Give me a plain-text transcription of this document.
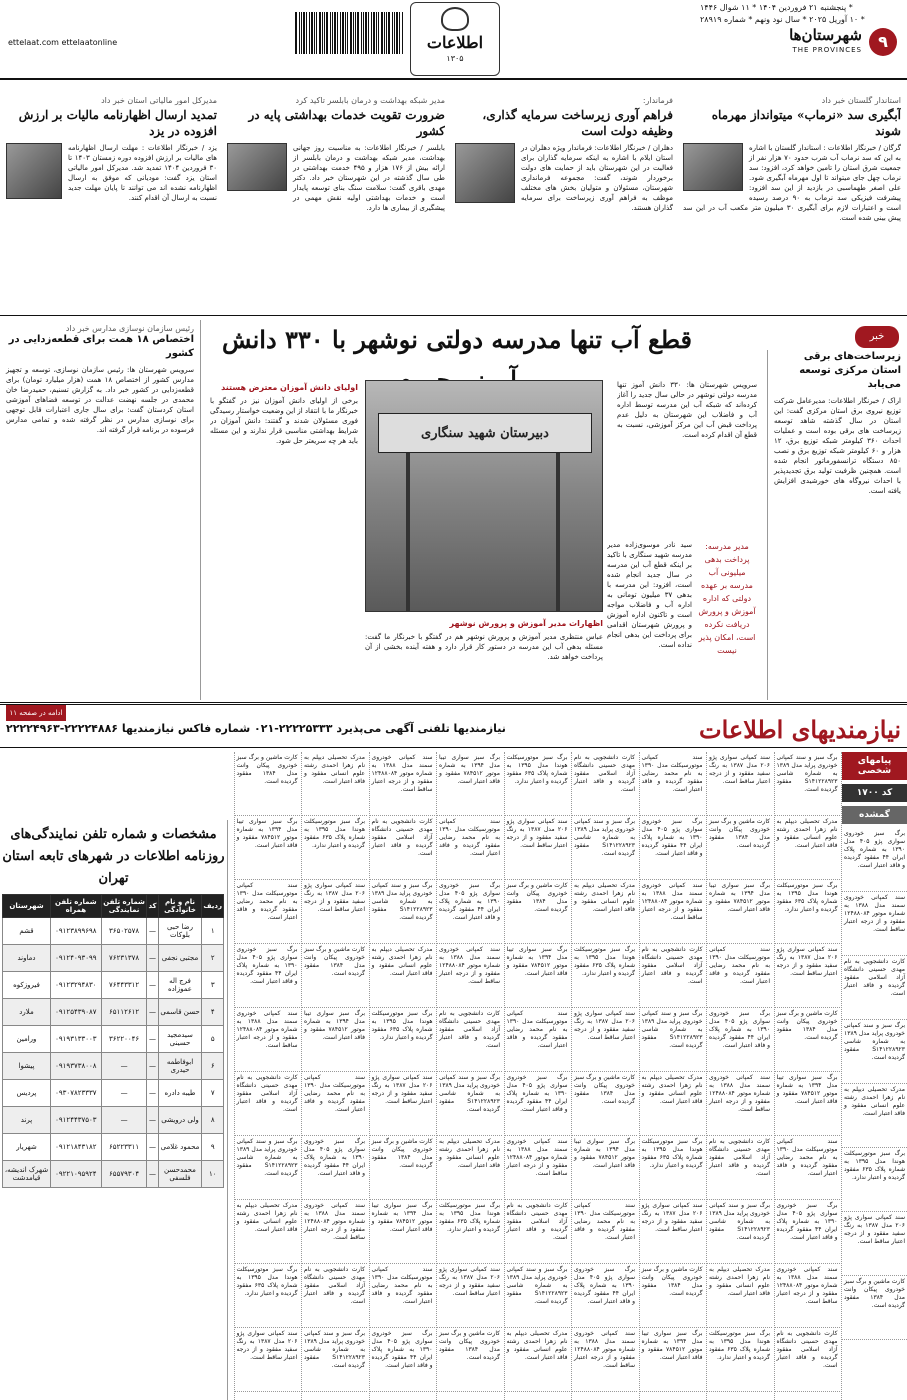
۹
شهرستان‌ها
THE PROVINCES
اطلاعات
۱۳۰۵
* پنجشنبه ۲۱ فروردین ۱۴۰۴ * ۱۱ شوال ۱۴۴۶
* ۱۰ آوریل ۲۰۲۵ * سال نود ونهم * شماره ۲۸۹۱۹
ettelaat.com ettelaatonline
استاندار گلستان خبر داد
آبگیری سد «نرماب» میتوانداز مهرماه شوند
گرگان / خبرنگار اطلاعات : استاندار گلستان با اشاره به این که سد نرماب آب شرب حدود ۷۰ هزار نفر از جمعیت شرق استان را تامین خواهد کرد، افزود: سد نرماب چهل جای میتواند تا اول مهرماه آبگیری شود. علی اصغر طهماسبی در بازدید از این سد افزود: پیشرفت فیزیکی سد نرماب به ۹۰ درصد رسیده است و اعتبارات لازم برای آبگیری ۳۰ میلیون متر مکعب آب در این سد پیش بینی شده است.
فرماندار:
فراهم آوری زیرساخت سرمایه گذاری، وظیفه دولت است
دهلران / خبرنگار اطلاعات: فرماندار ویژه دهلران در استان ایلام با اشاره به اینکه سرمایه گذاران برای فعالیت در این شهرستان باید از حمایت های دولت برخوردار شوند، گفت: مجموعه فرمانداری شهرستان، مسئولان و متولیان بخش های مختلف موظف به فراهم آوری زیرساخت برای سرمایه گذاران هستند.
مدیر شبکه بهداشت و درمان بابلسر تاکید کرد
ضرورت تقویت خدمات بهداشتی پایه در کشور
بابلسر / خبرنگار اطلاعات: به مناسبت روز جهانی بهداشت، مدیر شبکه بهداشت و درمان بابلسر از ارائه بیش از ۱۷۶ هزار و ۴۹۵ خدمت بهداشتی در طی سال گذشته در این شهرستان خبر داد. دکتر مهدی باقری گفت: سلامت سنگ بنای توسعه پایدار است و خدمات بهداشتی اولیه نقش مهمی در پیشگیری از بیماری ها دارد.
مدیرکل امور مالیاتی استان خبر داد
تمدید ارسال اظهارنامه مالیات بر ارزش افزوده در یزد
یزد / خبرنگار اطلاعات : مهلت ارسال اظهارنامه های مالیات بر ارزش افزوده دوره زمستان ۱۴۰۳ تا ۳۰ فروردین ۱۴۰۴ تمدید شد. مدیرکل امور مالیاتی استان یزد گفت: مودیانی که موفق به ارسال اظهارنامه نشده اند می توانند تا پایان مهلت جدید نسبت به ارسال آن اقدام کنند.
زیرساخت‌های برقی استان مرکزی توسعه می‌یابد
اراک / خبرنگار اطلاعات: مدیرعامل شرکت توزیع نیروی برق استان مرکزی گفت: این استان در سال گذشته شاهد توسعه زیرساخت های برقی بوده است و عملیات احداث ۳۶۰ کیلومتر شبکه توزیع برق، ۱۲ هزار و ۶۰ کیلومتر شبکه توزیع برق و نصب ۸۵۰ دستگاه ترانسفورماتور انجام شده است. همچنین ظرفیت تولید برق تجدیدپذیر با احداث نیروگاه های خورشیدی افزایش یافته است.
خبر
قطع آب تنها مدرسه دولتی نوشهر با ۳۳۰ دانش
دبیرستان شهید سنگاری
سرویس شهرستان ها: ۳۳۰ دانش آموز تنها مدرسه دولتی نوشهر در حالی سال جدید را آغاز کرده‌اند که شبکه آب این مدرسه توسط اداره آب و فاضلاب این شهرستان به دلیل عدم پرداخت قبض آب این مرکز آموزشی، نسبت به قطع آن اقدام کرده است.
مدیر مدرسه: پرداخت بدهی میلیونی آب مدرسه بر عهده دولتی که اداره آموزش و پرورش دریافت نکرده است، امکان پذیر نیست
سید نادر موسوی‌زاده مدیر مدرسه شهید سنگاری با تاکید بر اینکه قطع آب این مدرسه در سال جدید انجام شده است، افزود: این مدرسه با بدهی ۳۷ میلیون تومانی به اداره آب و فاضلاب مواجه است و تاکنون اداره آموزش و پرورش شهرستان اقدامی برای پرداخت این بدهی انجام نداده است.
اظهارات مدیر آموزش و پرورش نوشهر
عباس منتظری مدیر آموزش و پرورش نوشهر هم در گفتگو با خبرنگار ما گفت: مسئله بدهی آب این مدرسه در دستور کار قرار دارد و هفته آینده بخشی از آن پرداخت خواهد شد.
اولیای دانش آموزان معترض هستند
برخی از اولیای دانش آموزان نیز در گفتگو با خبرنگار ما با انتقاد از این وضعیت خواستار رسیدگی فوری مسئولان شدند و گفتند: دانش آموزان در شرایط بهداشتی مناسبی قرار ندارند و این مسئله باید هر چه سریعتر حل شود.
رئیس سازمان نوسازی مدارس خبر داد
اختصاص ۱۸ همت برای قطعه‌زدایی در کشور
سرویس شهرستان ها: رئیس سازمان نوسازی، توسعه و تجهیز مدارس کشور از اختصاص ۱۸ همت (هزار میلیارد تومان) برای قطعه‌زدایی در کشور خبر داد. به گزارش تسنیم، حمیدرضا خان محمدی در جلسه نهضت عدالت در توسعه فضاهای آموزشی استان کردستان گفت: برای سال جاری اعتبارات قابل توجهی برای نوسازی مدارس در نظر گرفته شده و تمامی مدارس فرسوده در برنامه قرار گرفته اند.
نیازمندیهای اطلاعات
نیازمندیها تلفنی آگهی می‌پذیرد ۲۲۲۲۵۳۳۳-۰۲۱ شماره فاکس نیازمندیها ۲۲۲۲۴۸۸۶-۲۲۲۲۴۹۶۳
پیامهای شخصی
کد ۱۷۰۰
گمشده
برگ سبز خودروی سواری پژو ۴۰۵ مدل ۱۳۹۰ به شماره پلاک ایران ۴۴ مفقود گردیده و فاقد اعتبار است.
سند کمپانی خودروی سمند مدل ۱۳۸۸ به شماره موتور ۱۲۴۸۸۰۸۴ مفقود و از درجه اعتبار ساقط است.
کارت دانشجویی به نام مهدی حسینی دانشگاه آزاد اسلامی مفقود گردیده و فاقد اعتبار است.
برگ سبز و سند کمپانی خودروی پراید مدل ۱۳۸۹ به شماره شاسی S۱۴۱۲۲۸۹۲۳ مفقود گردیده است.
مدرک تحصیلی دیپلم به نام زهرا احمدی رشته علوم انسانی مفقود و فاقد اعتبار است.
برگ سبز موتورسیکلت هوندا مدل ۱۳۹۵ به شماره پلاک ۶۳۵ مفقود گردیده و اعتبار ندارد.
سند کمپانی سواری پژو ۲۰۶ مدل ۱۳۸۷ به رنگ سفید مفقود و از درجه اعتبار ساقط است.
کارت ماشین و برگ سبز خودروی پیکان وانت مدل ۱۳۸۴ مفقود گردیده است.
برگ سبز و سند کمپانی خودروی پراید مدل ۱۳۸۹ به شماره شاسی S۱۴۱۲۲۸۹۲۳ مفقود گردیده است.
مدرک تحصیلی دیپلم به نام زهرا احمدی رشته علوم انسانی مفقود و فاقد اعتبار است.
برگ سبز موتورسیکلت هوندا مدل ۱۳۹۵ به شماره پلاک ۶۳۵ مفقود گردیده و اعتبار ندارد.
سند کمپانی سواری پژو ۲۰۶ مدل ۱۳۸۷ به رنگ سفید مفقود و از درجه اعتبار ساقط است.
کارت ماشین و برگ سبز خودروی پیکان وانت مدل ۱۳۸۴ مفقود گردیده است.
برگ سبز سواری تیبا مدل ۱۳۹۴ به شماره موتور ۷۸۴۵۱۲ مفقود و فاقد اعتبار است.
سند کمپانی موتورسیکلت مدل ۱۳۹۰ به نام محمد رضایی مفقود گردیده و فاقد اعتبار است.
برگ سبز خودروی سواری پژو ۴۰۵ مدل ۱۳۹۰ به شماره پلاک ایران ۴۴ مفقود گردیده و فاقد اعتبار است.
سند کمپانی خودروی سمند مدل ۱۳۸۸ به شماره موتور ۱۲۴۸۸۰۸۴ مفقود و از درجه اعتبار ساقط است.
کارت دانشجویی به نام مهدی حسینی دانشگاه آزاد اسلامی مفقود گردیده و فاقد اعتبار است.
سند کمپانی سواری پژو ۲۰۶ مدل ۱۳۸۷ به رنگ سفید مفقود و از درجه اعتبار ساقط است.
کارت ماشین و برگ سبز خودروی پیکان وانت مدل ۱۳۸۴ مفقود گردیده است.
برگ سبز سواری تیبا مدل ۱۳۹۴ به شماره موتور ۷۸۴۵۱۲ مفقود و فاقد اعتبار است.
سند کمپانی موتورسیکلت مدل ۱۳۹۰ به نام محمد رضایی مفقود گردیده و فاقد اعتبار است.
برگ سبز خودروی سواری پژو ۴۰۵ مدل ۱۳۹۰ به شماره پلاک ایران ۴۴ مفقود گردیده و فاقد اعتبار است.
سند کمپانی خودروی سمند مدل ۱۳۸۸ به شماره موتور ۱۲۴۸۸۰۸۴ مفقود و از درجه اعتبار ساقط است.
کارت دانشجویی به نام مهدی حسینی دانشگاه آزاد اسلامی مفقود گردیده و فاقد اعتبار است.
برگ سبز و سند کمپانی خودروی پراید مدل ۱۳۸۹ به شماره شاسی S۱۴۱۲۲۸۹۲۳ مفقود گردیده است.
مدرک تحصیلی دیپلم به نام زهرا احمدی رشته علوم انسانی مفقود و فاقد اعتبار است.
برگ سبز موتورسیکلت هوندا مدل ۱۳۹۵ به شماره پلاک ۶۳۵ مفقود گردیده و اعتبار ندارد.
سند کمپانی موتورسیکلت مدل ۱۳۹۰ به نام محمد رضایی مفقود گردیده و فاقد اعتبار است.
برگ سبز خودروی سواری پژو ۴۰۵ مدل ۱۳۹۰ به شماره پلاک ایران ۴۴ مفقود گردیده و فاقد اعتبار است.
سند کمپانی خودروی سمند مدل ۱۳۸۸ به شماره موتور ۱۲۴۸۸۰۸۴ مفقود و از درجه اعتبار ساقط است.
کارت دانشجویی به نام مهدی حسینی دانشگاه آزاد اسلامی مفقود گردیده و فاقد اعتبار است.
برگ سبز و سند کمپانی خودروی پراید مدل ۱۳۸۹ به شماره شاسی S۱۴۱۲۲۸۹۲۳ مفقود گردیده است.
مدرک تحصیلی دیپلم به نام زهرا احمدی رشته علوم انسانی مفقود و فاقد اعتبار است.
برگ سبز موتورسیکلت هوندا مدل ۱۳۹۵ به شماره پلاک ۶۳۵ مفقود گردیده و اعتبار ندارد.
سند کمپانی سواری پژو ۲۰۶ مدل ۱۳۸۷ به رنگ سفید مفقود و از درجه اعتبار ساقط است.
کارت ماشین و برگ سبز خودروی پیکان وانت مدل ۱۳۸۴ مفقود گردیده است.
برگ سبز سواری تیبا مدل ۱۳۹۴ به شماره موتور ۷۸۴۵۱۲ مفقود و فاقد اعتبار است.
کارت دانشجویی به نام مهدی حسینی دانشگاه آزاد اسلامی مفقود گردیده و فاقد اعتبار است.
برگ سبز و سند کمپانی خودروی پراید مدل ۱۳۸۹ به شماره شاسی S۱۴۱۲۲۸۹۲۳ مفقود گردیده است.
مدرک تحصیلی دیپلم به نام زهرا احمدی رشته علوم انسانی مفقود و فاقد اعتبار است.
برگ سبز موتورسیکلت هوندا مدل ۱۳۹۵ به شماره پلاک ۶۳۵ مفقود گردیده و اعتبار ندارد.
سند کمپانی سواری پژو ۲۰۶ مدل ۱۳۸۷ به رنگ سفید مفقود و از درجه اعتبار ساقط است.
کارت ماشین و برگ سبز خودروی پیکان وانت مدل ۱۳۸۴ مفقود گردیده است.
برگ سبز سواری تیبا مدل ۱۳۹۴ به شماره موتور ۷۸۴۵۱۲ مفقود و فاقد اعتبار است.
سند کمپانی موتورسیکلت مدل ۱۳۹۰ به نام محمد رضایی مفقود گردیده و فاقد اعتبار است.
برگ سبز خودروی سواری پژو ۴۰۵ مدل ۱۳۹۰ به شماره پلاک ایران ۴۴ مفقود گردیده و فاقد اعتبار است.
سند کمپانی خودروی سمند مدل ۱۳۸۸ به شماره موتور ۱۲۴۸۸۰۸۴ مفقود و از درجه اعتبار ساقط است.
برگ سبز موتورسیکلت هوندا مدل ۱۳۹۵ به شماره پلاک ۶۳۵ مفقود گردیده و اعتبار ندارد.
سند کمپانی سواری پژو ۲۰۶ مدل ۱۳۸۷ به رنگ سفید مفقود و از درجه اعتبار ساقط است.
کارت ماشین و برگ سبز خودروی پیکان وانت مدل ۱۳۸۴ مفقود گردیده است.
برگ سبز سواری تیبا مدل ۱۳۹۴ به شماره موتور ۷۸۴۵۱۲ مفقود و فاقد اعتبار است.
سند کمپانی موتورسیکلت مدل ۱۳۹۰ به نام محمد رضایی مفقود گردیده و فاقد اعتبار است.
برگ سبز خودروی سواری پژو ۴۰۵ مدل ۱۳۹۰ به شماره پلاک ایران ۴۴ مفقود گردیده و فاقد اعتبار است.
سند کمپانی خودروی سمند مدل ۱۳۸۸ به شماره موتور ۱۲۴۸۸۰۸۴ مفقود و از درجه اعتبار ساقط است.
کارت دانشجویی به نام مهدی حسینی دانشگاه آزاد اسلامی مفقود گردیده و فاقد اعتبار است.
برگ سبز و سند کمپانی خودروی پراید مدل ۱۳۸۹ به شماره شاسی S۱۴۱۲۲۸۹۲۳ مفقود گردیده است.
مدرک تحصیلی دیپلم به نام زهرا احمدی رشته علوم انسانی مفقود و فاقد اعتبار است.
برگ سبز سواری تیبا مدل ۱۳۹۴ به شماره موتور ۷۸۴۵۱۲ مفقود و فاقد اعتبار است.
سند کمپانی موتورسیکلت مدل ۱۳۹۰ به نام محمد رضایی مفقود گردیده و فاقد اعتبار است.
برگ سبز خودروی سواری پژو ۴۰۵ مدل ۱۳۹۰ به شماره پلاک ایران ۴۴ مفقود گردیده و فاقد اعتبار است.
سند کمپانی خودروی سمند مدل ۱۳۸۸ به شماره موتور ۱۲۴۸۸۰۸۴ مفقود و از درجه اعتبار ساقط است.
کارت دانشجویی به نام مهدی حسینی دانشگاه آزاد اسلامی مفقود گردیده و فاقد اعتبار است.
برگ سبز و سند کمپانی خودروی پراید مدل ۱۳۸۹ به شماره شاسی S۱۴۱۲۲۸۹۲۳ مفقود گردیده است.
مدرک تحصیلی دیپلم به نام زهرا احمدی رشته علوم انسانی مفقود و فاقد اعتبار است.
برگ سبز موتورسیکلت هوندا مدل ۱۳۹۵ به شماره پلاک ۶۳۵ مفقود گردیده و اعتبار ندارد.
سند کمپانی سواری پژو ۲۰۶ مدل ۱۳۸۷ به رنگ سفید مفقود و از درجه اعتبار ساقط است.
کارت ماشین و برگ سبز خودروی پیکان وانت مدل ۱۳۸۴ مفقود گردیده است.
سند کمپانی خودروی سمند مدل ۱۳۸۸ به شماره موتور ۱۲۴۸۸۰۸۴ مفقود و از درجه اعتبار ساقط است.
کارت دانشجویی به نام مهدی حسینی دانشگاه آزاد اسلامی مفقود گردیده و فاقد اعتبار است.
برگ سبز و سند کمپانی خودروی پراید مدل ۱۳۸۹ به شماره شاسی S۱۴۱۲۲۸۹۲۳ مفقود گردیده است.
مدرک تحصیلی دیپلم به نام زهرا احمدی رشته علوم انسانی مفقود و فاقد اعتبار است.
برگ سبز موتورسیکلت هوندا مدل ۱۳۹۵ به شماره پلاک ۶۳۵ مفقود گردیده و اعتبار ندارد.
سند کمپانی سواری پژو ۲۰۶ مدل ۱۳۸۷ به رنگ سفید مفقود و از درجه اعتبار ساقط است.
کارت ماشین و برگ سبز خودروی پیکان وانت مدل ۱۳۸۴ مفقود گردیده است.
برگ سبز سواری تیبا مدل ۱۳۹۴ به شماره موتور ۷۸۴۵۱۲ مفقود و فاقد اعتبار است.
سند کمپانی موتورسیکلت مدل ۱۳۹۰ به نام محمد رضایی مفقود گردیده و فاقد اعتبار است.
برگ سبز خودروی سواری پژو ۴۰۵ مدل ۱۳۹۰ به شماره پلاک ایران ۴۴ مفقود گردیده و فاقد اعتبار است.
مدرک تحصیلی دیپلم به نام زهرا احمدی رشته علوم انسانی مفقود و فاقد اعتبار است.
برگ سبز موتورسیکلت هوندا مدل ۱۳۹۵ به شماره پلاک ۶۳۵ مفقود گردیده و اعتبار ندارد.
سند کمپانی سواری پژو ۲۰۶ مدل ۱۳۸۷ به رنگ سفید مفقود و از درجه اعتبار ساقط است.
کارت ماشین و برگ سبز خودروی پیکان وانت مدل ۱۳۸۴ مفقود گردیده است.
برگ سبز سواری تیبا مدل ۱۳۹۴ به شماره موتور ۷۸۴۵۱۲ مفقود و فاقد اعتبار است.
سند کمپانی موتورسیکلت مدل ۱۳۹۰ به نام محمد رضایی مفقود گردیده و فاقد اعتبار است.
برگ سبز خودروی سواری پژو ۴۰۵ مدل ۱۳۹۰ به شماره پلاک ایران ۴۴ مفقود گردیده و فاقد اعتبار است.
سند کمپانی خودروی سمند مدل ۱۳۸۸ به شماره موتور ۱۲۴۸۸۰۸۴ مفقود و از درجه اعتبار ساقط است.
کارت دانشجویی به نام مهدی حسینی دانشگاه آزاد اسلامی مفقود گردیده و فاقد اعتبار است.
برگ سبز و سند کمپانی خودروی پراید مدل ۱۳۸۹ به شماره شاسی S۱۴۱۲۲۸۹۲۳ مفقود گردیده است.
کارت ماشین و برگ سبز خودروی پیکان وانت مدل ۱۳۸۴ مفقود گردیده است.
برگ سبز سواری تیبا مدل ۱۳۹۴ به شماره موتور ۷۸۴۵۱۲ مفقود و فاقد اعتبار است.
سند کمپانی موتورسیکلت مدل ۱۳۹۰ به نام محمد رضایی مفقود گردیده و فاقد اعتبار است.
برگ سبز خودروی سواری پژو ۴۰۵ مدل ۱۳۹۰ به شماره پلاک ایران ۴۴ مفقود گردیده و فاقد اعتبار است.
سند کمپانی خودروی سمند مدل ۱۳۸۸ به شماره موتور ۱۲۴۸۸۰۸۴ مفقود و از درجه اعتبار ساقط است.
کارت دانشجویی به نام مهدی حسینی دانشگاه آزاد اسلامی مفقود گردیده و فاقد اعتبار است.
برگ سبز و سند کمپانی خودروی پراید مدل ۱۳۸۹ به شماره شاسی S۱۴۱۲۲۸۹۲۳ مفقود گردیده است.
مدرک تحصیلی دیپلم به نام زهرا احمدی رشته علوم انسانی مفقود و فاقد اعتبار است.
برگ سبز موتورسیکلت هوندا مدل ۱۳۹۵ به شماره پلاک ۶۳۵ مفقود گردیده و اعتبار ندارد.
سند کمپانی سواری پژو ۲۰۶ مدل ۱۳۸۷ به رنگ سفید مفقود و از درجه اعتبار ساقط است.
ادامه در صفحه ۱۱
مشخصات و شماره تلفن نمایندگی‌های
روزنامه اطلاعات در شهرهای تابعه استان تهران
ردیف	نام و نام خانوادگی	کد	شماره تلفن نمایندگی	شماره تلفن همراه	شهرستان
۱	رضا حبی بلوکات	—	۳۶۵۰۲۵۷۸	۰۹۱۲۳۸۹۹۶۹۸	قشم
۲	مجتبی نجفی	—	۷۶۲۳۱۳۷۸	۰۹۱۲۴۰۹۳۰۹۹	دماوند
۳	فرج اله عموزاده	—	۷۶۴۴۳۳۱۲	۰۹۱۲۳۲۹۴۸۳۰	فیروزکوه
۴	حسن قاسمی	—	۶۵۱۱۲۶۱۲	۰۹۱۲۵۴۳۹۰۸۷	ملارد
۵	سیدمجید حسینی	—	۳۶۲۲۰۰۴۶	۰۹۱۹۳۱۳۳۰۰۳	ورامین
۶	ابوفاطمه حیدری	—	—	۰۹۱۹۳۷۳۸۰۰۸	پیشوا
۷	طیبه دادره	—	—	۰۹۳۰۷۸۲۳۳۳۷	پردیس
۸	ولی درویشی	—	—	۰۹۱۲۴۴۳۷۵۰۳	پرند
۹	محمود غلامی	—	۶۵۲۲۳۳۱۱	۰۹۱۲۱۸۴۳۱۸۲	شهریار
۱۰	محمدحسن فلسفی	—	۶۵۵۷۹۳۰۴	۰۹۲۲۱۰۹۵۹۲۴	شهرک اندیشه، قیامدشت
